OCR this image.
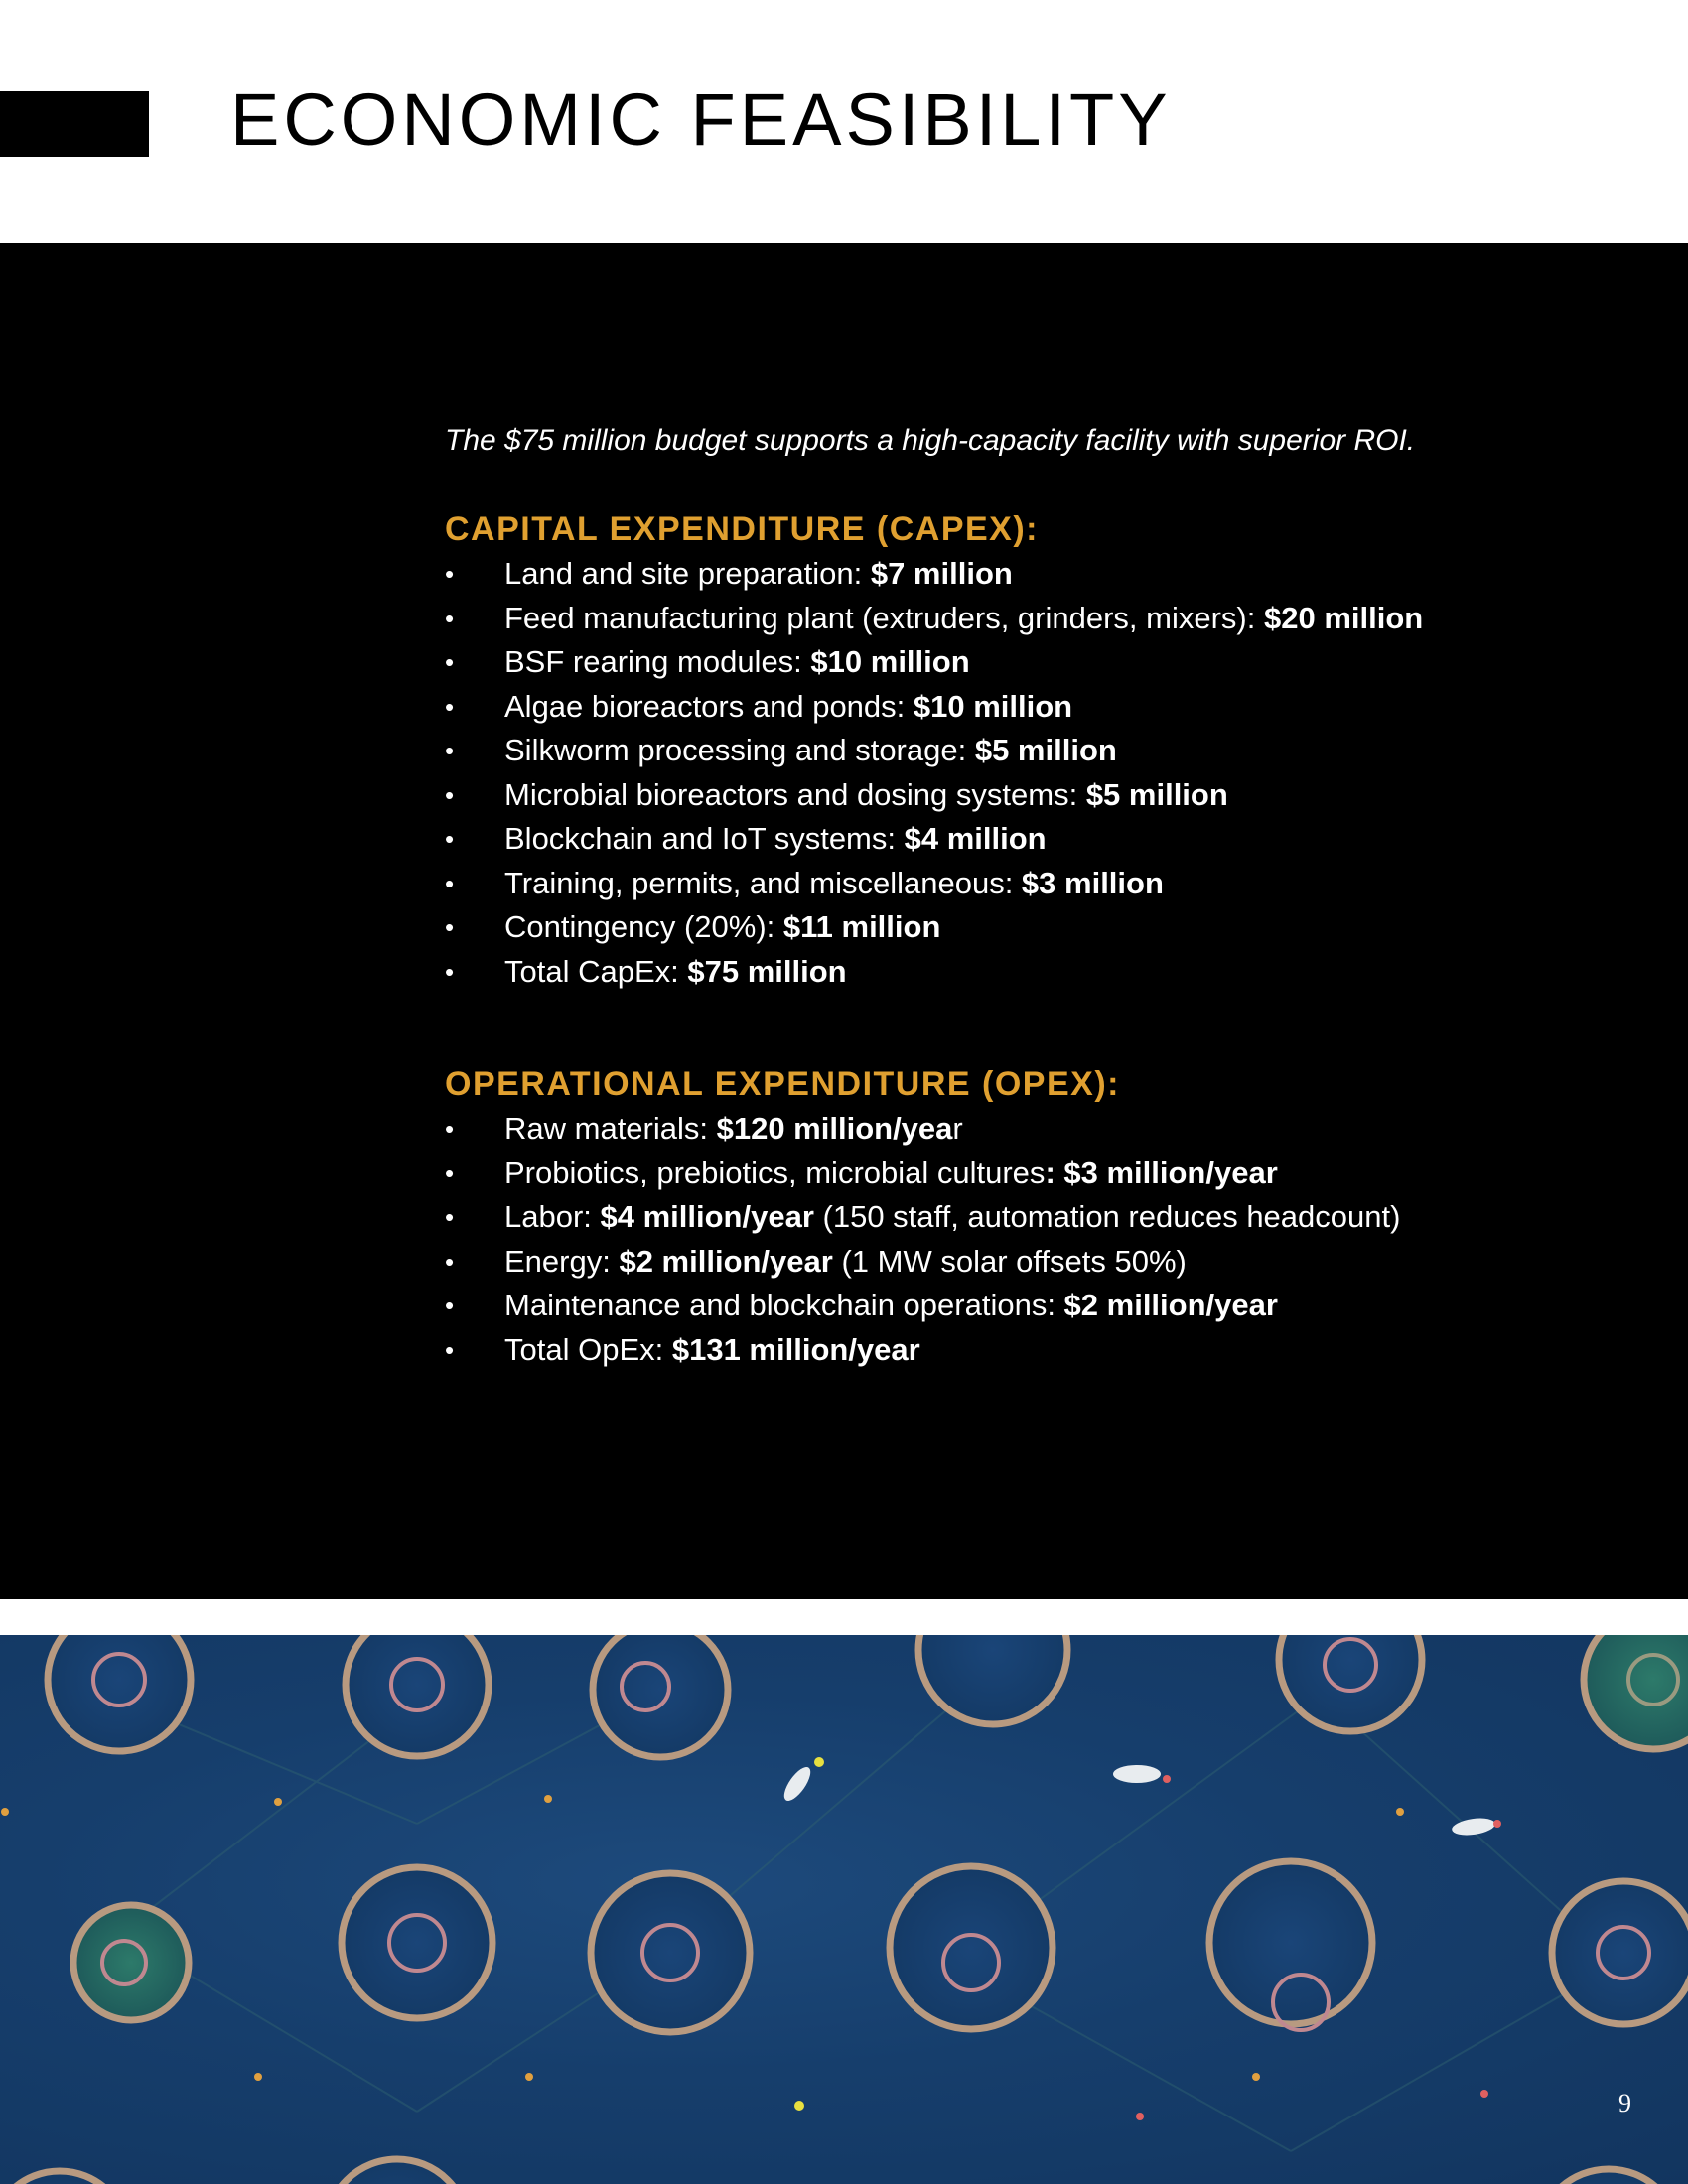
ECONOMIC FEASIBILITY

The $75 million budget supports a high-capacity facility with superior ROI.

CAPITAL EXPENDITURE (CAPEX):
•	Land and site preparation: $7 million
•	Feed manufacturing plant (extruders, grinders, mixers): $20 million
•	BSF rearing modules: $10 million
•	Algae bioreactors and ponds: $10 million
•	Silkworm processing and storage: $5 million
•	Microbial bioreactors and dosing systems: $5 million
•	Blockchain and IoT systems: $4 million
•	Training, permits, and miscellaneous: $3 million
•	Contingency (20%): $11 million
•	Total CapEx: $75 million
OPERATIONAL EXPENDITURE (OPEX):
•	Raw materials: $120 million/year
•	Probiotics, prebiotics, microbial cultures: $3 million/year
•	Labor: $4 million/year (150 staff, automation reduces headcount)
•	Energy: $2 million/year (1 MW solar offsets 50%)
•	Maintenance and blockchain operations: $2 million/year
•	Total OpEx: $131 million/year
9
